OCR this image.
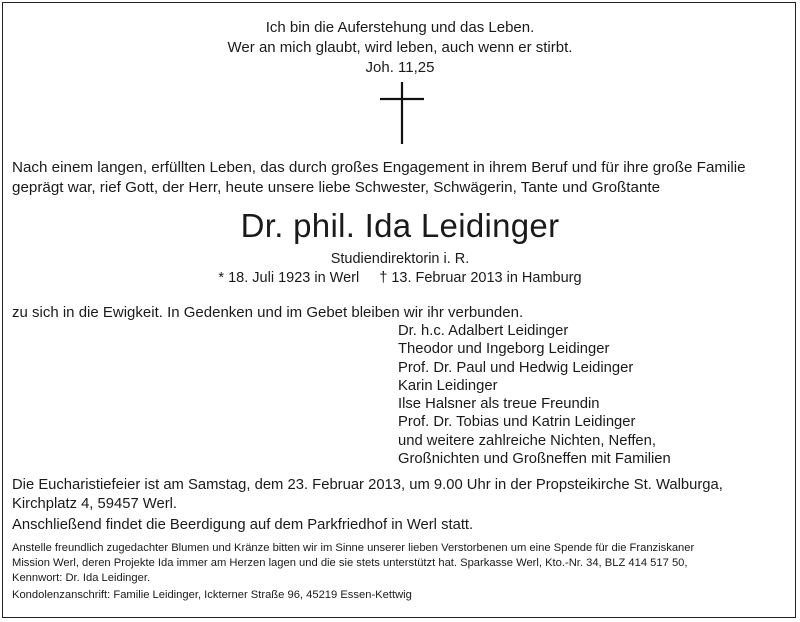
Ich bin die Auferstehung und das Leben.
Wer an mich glaubt, wird leben, auch wenn er stirbt.
Joh. 11,25
Nach einem langen, erfüllten Leben, das durch großes Engagement in ihrem Beruf und für ihre große Familie
geprägt war, rief Gott, der Herr, heute unsere liebe Schwester, Schwägerin, Tante und Großtante
Dr. phil. Ida Leidinger
Studiendirektorin i. R.
* 18. Juli 1923 in Werl † 13. Februar 2013 in Hamburg
zu sich in die Ewigkeit. In Gedenken und im Gebet bleiben wir ihr verbunden.
Dr. h.c. Adalbert Leidinger
Theodor und Ingeborg Leidinger
Prof. Dr. Paul und Hedwig Leidinger
Karin Leidinger
Ilse Halsner als treue Freundin
Prof. Dr. Tobias und Katrin Leidinger
und weitere zahlreiche Nichten, Neffen,
Großnichten und Großneffen mit Familien
Die Eucharistiefeier ist am Samstag, dem 23. Februar 2013, um 9.00 Uhr in der Propsteikirche St. Walburga,
Kirchplatz 4, 59457 Werl.
Anschließend findet die Beerdigung auf dem Parkfriedhof in Werl statt.
Anstelle freundlich zugedachter Blumen und Kränze bitten wir im Sinne unserer lieben Verstorbenen um eine Spende für die Franziskaner
Mission Werl, deren Projekte Ida immer am Herzen lagen und die sie stets unterstützt hat. Sparkasse Werl, Kto.-Nr. 34, BLZ 414 517 50,
Kennwort: Dr. Ida Leidinger.
Kondolenzanschrift: Familie Leidinger, Ickterner Straße 96, 45219 Essen-Kettwig
